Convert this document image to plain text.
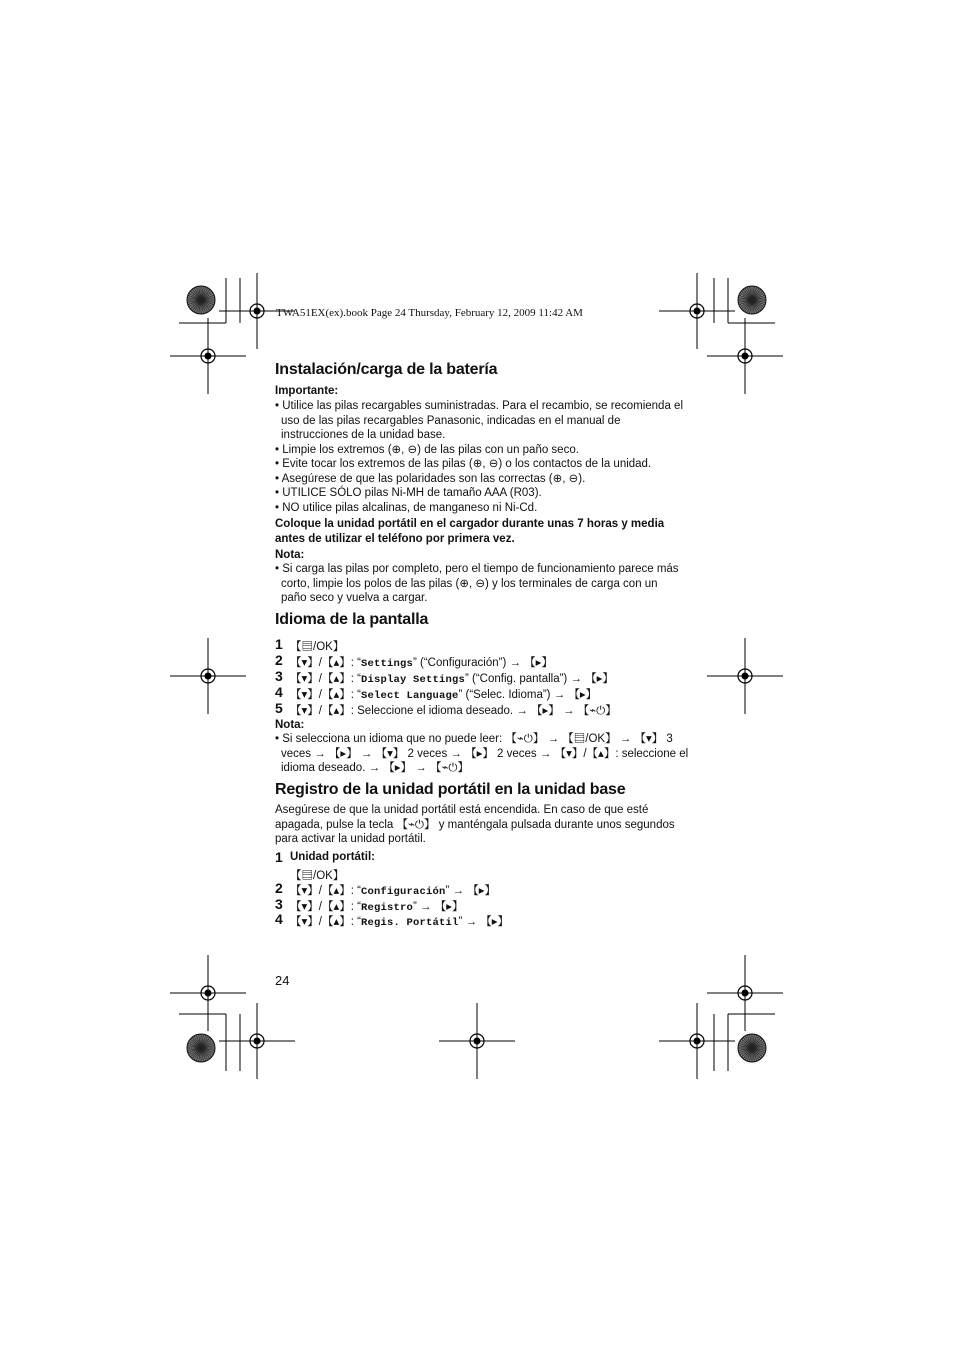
TWA51EX(ex).book Page 24 Thursday, February 12, 2009 11:42 AM
Instalación/carga de la batería
Importante:
• Utilice las pilas recargables suministradas. Para el recambio, se recomienda el
uso de las pilas recargables Panasonic, indicadas en el manual de
instrucciones de la unidad base.
• Limpie los extremos (⊕, ⊖) de las pilas con un paño seco.
• Evite tocar los extremos de las pilas (⊕, ⊖) o los contactos de la unidad.
• Asegúrese de que las polaridades son las correctas (⊕, ⊖).
• UTILICE SÓLO pilas Ni-MH de tamaño AAA (R03).
• NO utilice pilas alcalinas, de manganeso ni Ni-Cd.
Coloque la unidad portátil en el cargador durante unas 7 horas y media
antes de utilizar el teléfono por primera vez.
Nota:
• Si carga las pilas por completo, pero el tiempo de funcionamiento parece más
corto, limpie los polos de las pilas (⊕, ⊖) y los terminales de carga con un
paño seco y vuelva a cargar.
Idioma de la pantalla
1 【▤/OK】
2 【▾】/【▴】: “Settings” (“Configuración”) → 【▸】
3 【▾】/【▴】: “Display Settings” (“Config. pantalla”) → 【▸】
4 【▾】/【▴】: “Select Language” (“Selec. Idioma”) → 【▸】
5 【▾】/【▴】: Seleccione el idioma deseado. → 【▸】 → 【⌁⏻】
Nota:
• Si selecciona un idioma que no puede leer: 【⌁⏻】 → 【▤/OK】 → 【▾】 3
veces → 【▸】 → 【▾】 2 veces → 【▸】 2 veces → 【▾】/【▴】: seleccione el
idioma deseado. → 【▸】 → 【⌁⏻】
Registro de la unidad portátil en la unidad base
Asegúrese de que la unidad portátil está encendida. En caso de que esté
apagada, pulse la tecla 【⌁⏻】 y manténgala pulsada durante unos segundos
para activar la unidad portátil.
1 Unidad portátil:
【▤/OK】
2 【▾】/【▴】: “Configuración” → 【▸】
3 【▾】/【▴】: “Registro” → 【▸】
4 【▾】/【▴】: “Regis. Portátil” → 【▸】
24
